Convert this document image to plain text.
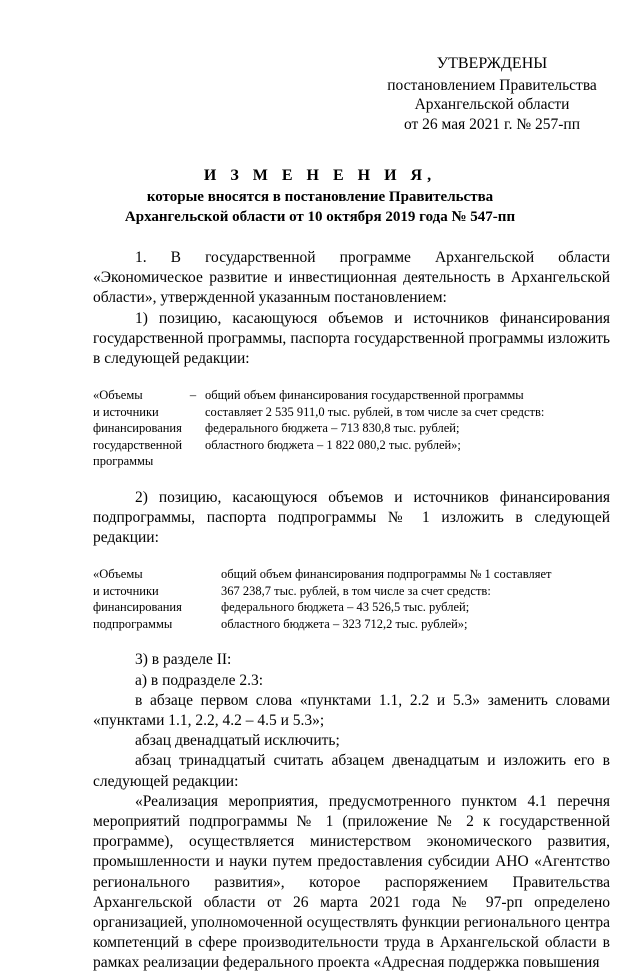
УТВЕРЖДЕНЫ
постановлением Правительства
Архангельской области
от 26 мая 2021 г. № 257-пп
И З М Е Н Е Н И Я,
которые вносятся в постановление Правительства
Архангельской области от 10 октября 2019 года № 547-пп

1. В государственной программе Архангельской области «Экономическое развитие и инвестиционная деятельность в Архангельской области», утвержденной указанным постановлением:

1) позицию, касающуюся объемов и источников финансирования государственной программы, паспорта государственной программы изложить в следующей редакции:

«Объемы
и источники
финансирования
государственной
программы
– общий объем финансирования государственной программы
составляет 2 535 911,0 тыс. рублей, в том числе за счет средств:
федерального бюджета – 713 830,8 тыс. рублей;
областного бюджета – 1 822 080,2 тыс. рублей»;

2) позицию, касающуюся объемов и источников финансирования подпрограммы, паспорта подпрограммы № 1 изложить в следующей редакции:

«Объемы
и источники
финансирования
подпрограммы
общий объем финансирования подпрограммы № 1 составляет
367 238,7 тыс. рублей, в том числе за счет средств:
федерального бюджета – 43 526,5 тыс. рублей;
областного бюджета – 323 712,2 тыс. рублей»;

3) в разделе II:

а) в подразделе 2.3:

в абзаце первом слова «пунктами 1.1, 2.2 и 5.3» заменить словами «пунктами 1.1, 2.2, 4.2 – 4.5 и 5.3»;

абзац двенадцатый исключить;

абзац тринадцатый считать абзацем двенадцатым и изложить его в следующей редакции:

«Реализация мероприятия, предусмотренного пунктом 4.1 перечня мероприятий подпрограммы № 1 (приложение № 2 к государственной программе), осуществляется министерством экономического развития, промышленности и науки путем предоставления субсидии АНО «Агентство регионального развития», которое распоряжением Правительства Архангельской области от 26 марта 2021 года № 97-рп определено организацией, уполномоченной осуществлять функции регионального центра компетенций в сфере производительности труда в Архангельской области в рамках реализации федерального проекта «Адресная поддержка повышения
